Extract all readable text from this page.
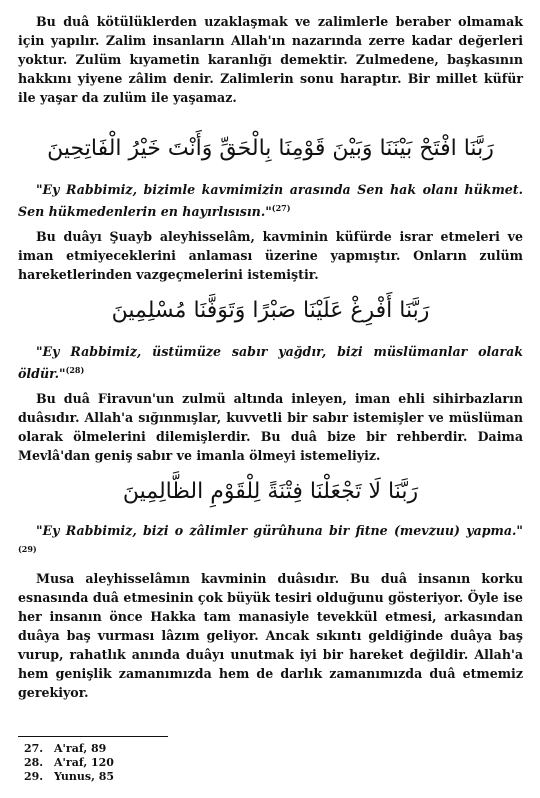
Bu duâ kötülüklerden uzaklaşmak ve zalimlerle beraber olmamak için yapılır. Zalim insanların Allah'ın nazarında zerre kadar değerleri yoktur. Zulüm kıyametin karanlığı demektir. Zulmedene, başkasının hakkını yiyene zâlim denir. Zalimlerin sonu haraptır. Bir millet küfür ile yaşar da zulüm ile yaşamaz.

رَبَّنَا افْتَحْ بَيْنَنَا وَبَيْنَ قَوْمِنَا بِالْحَقِّ وَأَنْتَ خَيْرُ الْفَاتِحِينَ

"Ey Rabbimiz, bizimle kavmimizin arasında Sen hak olanı hükmet. Sen hükmedenlerin en hayırlısısın."$^{(27)}$

Bu duâyı Şuayb aleyhisselâm, kavminin küfürde israr etmeleri ve iman etmiyeceklerini anlaması üzerine yapmıştır. Onların zulüm hareketlerinden vazgeçmelerini istemiştir.

رَبَّنَا أَفْرِغْ عَلَيْنَا صَبْرًا وَتَوَفَّنَا مُسْلِمِينَ

"Ey Rabbimiz, üstümüze sabır yağdır, bizi müslümanlar olarak öldür."$^{(28)}$

Bu duâ Firavun'un zulmü altında inleyen, iman ehli sihirbazların duâsıdır. Allah'a sığınmışlar, kuvvetli bir sabır istemişler ve müslüman olarak ölmelerini dilemişlerdir. Bu duâ bize bir rehberdir. Daima Mevlâ'dan geniş sabır ve imanla ölmeyi istemeliyiz.

رَبَّنَا لَا تَجْعَلْنَا فِتْنَةً لِلْقَوْمِ الظَّالِمِينَ

"Ey Rabbimiz, bizi o zâlimler gürûhuna bir fitne (mevzuu) yapma."$^{(29)}$

Musa aleyhisselâmın kavminin duâsıdır. Bu duâ insanın korku esnasında duâ etmesinin çok büyük tesiri olduğunu gösteriyor. Öyle ise her insanın önce Hakka tam manasiyle tevekkül etmesi, arkasından duâya baş vurması lâzım geliyor. Ancak sıkıntı geldiğinde duâya baş vurup, rahatlık anında duâyı unutmak iyi bir hareket değildir. Allah'a hem genişlik zamanımızda hem de darlık zamanımızda duâ etmemiz gerekiyor.

27. A'raf, 89
28. A'raf, 120
29. Yunus, 85
